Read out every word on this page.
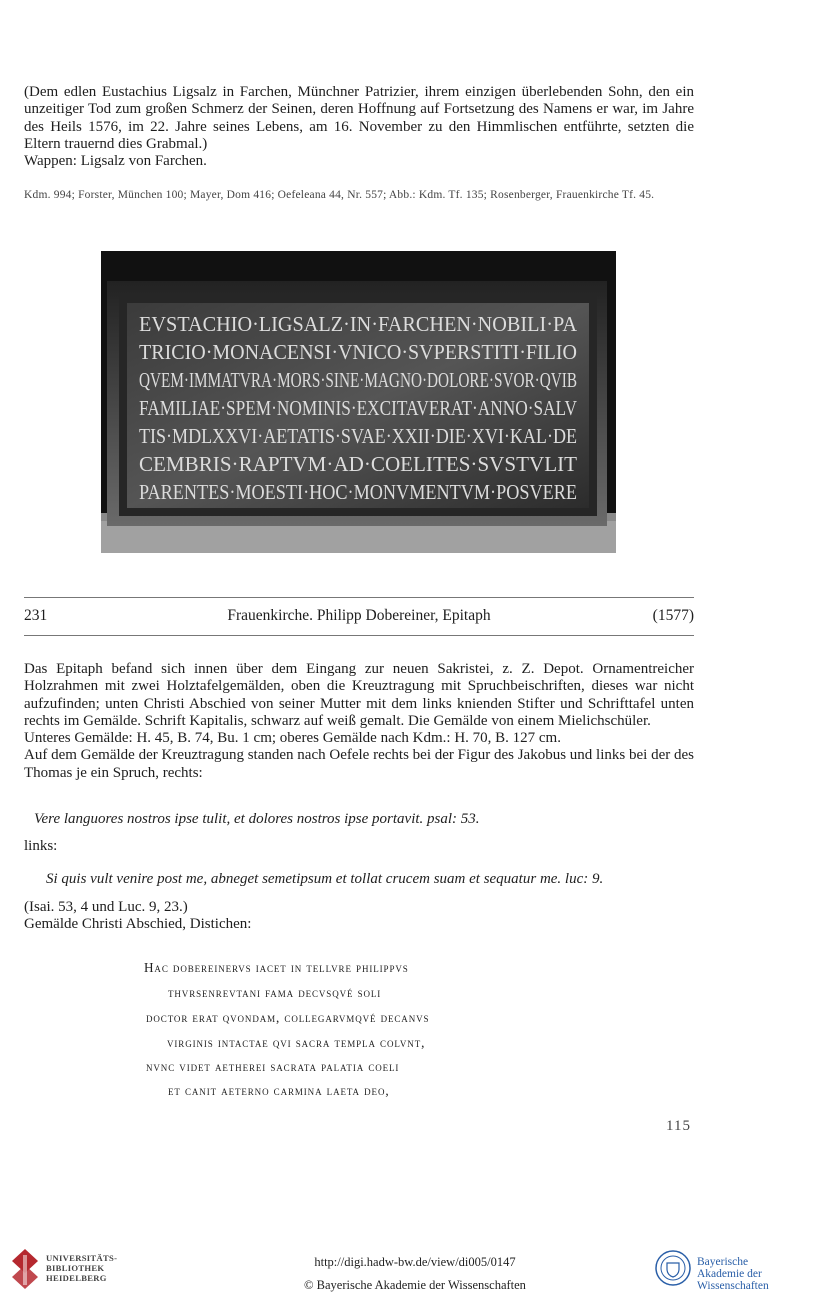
(Dem edlen Eustachius Ligsalz in Farchen, Münchner Patrizier, ihrem einzigen überlebenden Sohn, den ein unzeitiger Tod zum großen Schmerz der Seinen, deren Hoffnung auf Fortsetzung des Namens er war, im Jahre des Heils 1576, im 22. Jahre seines Lebens, am 16. November zu den Himmlischen entführte, setzten die Eltern trauernd dies Grabmal.)
Wappen: Ligsalz von Farchen.
Kdm. 994; Forster, München 100; Mayer, Dom 416; Oefeleana 44, Nr. 557; Abb.: Kdm. Tf. 135; Rosenberger, Frauenkirche Tf. 45.
EVSTACHIO·LIGSALZ·IN·FARCHEN·NOBILI·PA
TRICIO·MONACENSI·VNICO·SVPERSTITI·FILIO
QVEM·IMMATVRA·MORS·SINE·MAGNO·DOLORE·SVOR·QVIB
FAMILIAE·SPEM·NOMINIS·EXCITAVERAT·ANNO·SALV
TIS·MDLXXVI·AETATIS·SVAE·XXII·DIE·XVI·KAL·DE
CEMBRIS·RAPTVM·AD·COELITES·SVSTVLIT
PARENTES·MOESTI·HOC·MONVMENTVM·POSVERE
231	Frauenkirche. Philipp Dobereiner, Epitaph	(1577)
Das Epitaph befand sich innen über dem Eingang zur neuen Sakristei, z. Z. Depot. Ornamentreicher Holzrahmen mit zwei Holztafelgemälden, oben die Kreuztragung mit Spruchbeischriften, dieses war nicht aufzufinden; unten Christi Abschied von seiner Mutter mit dem links knienden Stifter und Schrifttafel unten rechts im Gemälde. Schrift Kapitalis, schwarz auf weiß gemalt. Die Gemälde von einem Mielichschüler.
Unteres Gemälde: H. 45, B. 74, Bu. 1 cm; oberes Gemälde nach Kdm.: H. 70, B. 127 cm.
Auf dem Gemälde der Kreuztragung standen nach Oefele rechts bei der Figur des Jakobus und links bei der des Thomas je ein Spruch, rechts:
Vere languores nostros ipse tulit, et dolores nostros ipse portavit. psal: 53.
links:
Si quis vult venire post me, abneget semetipsum et tollat crucem suam et sequatur me. luc: 9.
(Isai. 53, 4 und Luc. 9, 23.)
Gemälde Christi Abschied, Distichen:
Hac dobereinervs iacet in tellvre philippvs
thvrsenrevtani fama decvsqvé soli
doctor erat qvondam, collegarvmqvé decanvs
virginis intactae qvi sacra templa colvnt,
nvnc videt aetherei sacrata palatia coeli
et canit aeterno carmina laeta deo,
115
UNIVERSITÄTS-
BIBLIOTHEK
HEIDELBERG
http://digi.hadw-bw.de/view/di005/0147
© Bayerische Akademie der Wissenschaften
Bayerische
Akademie der Wissenschaften
